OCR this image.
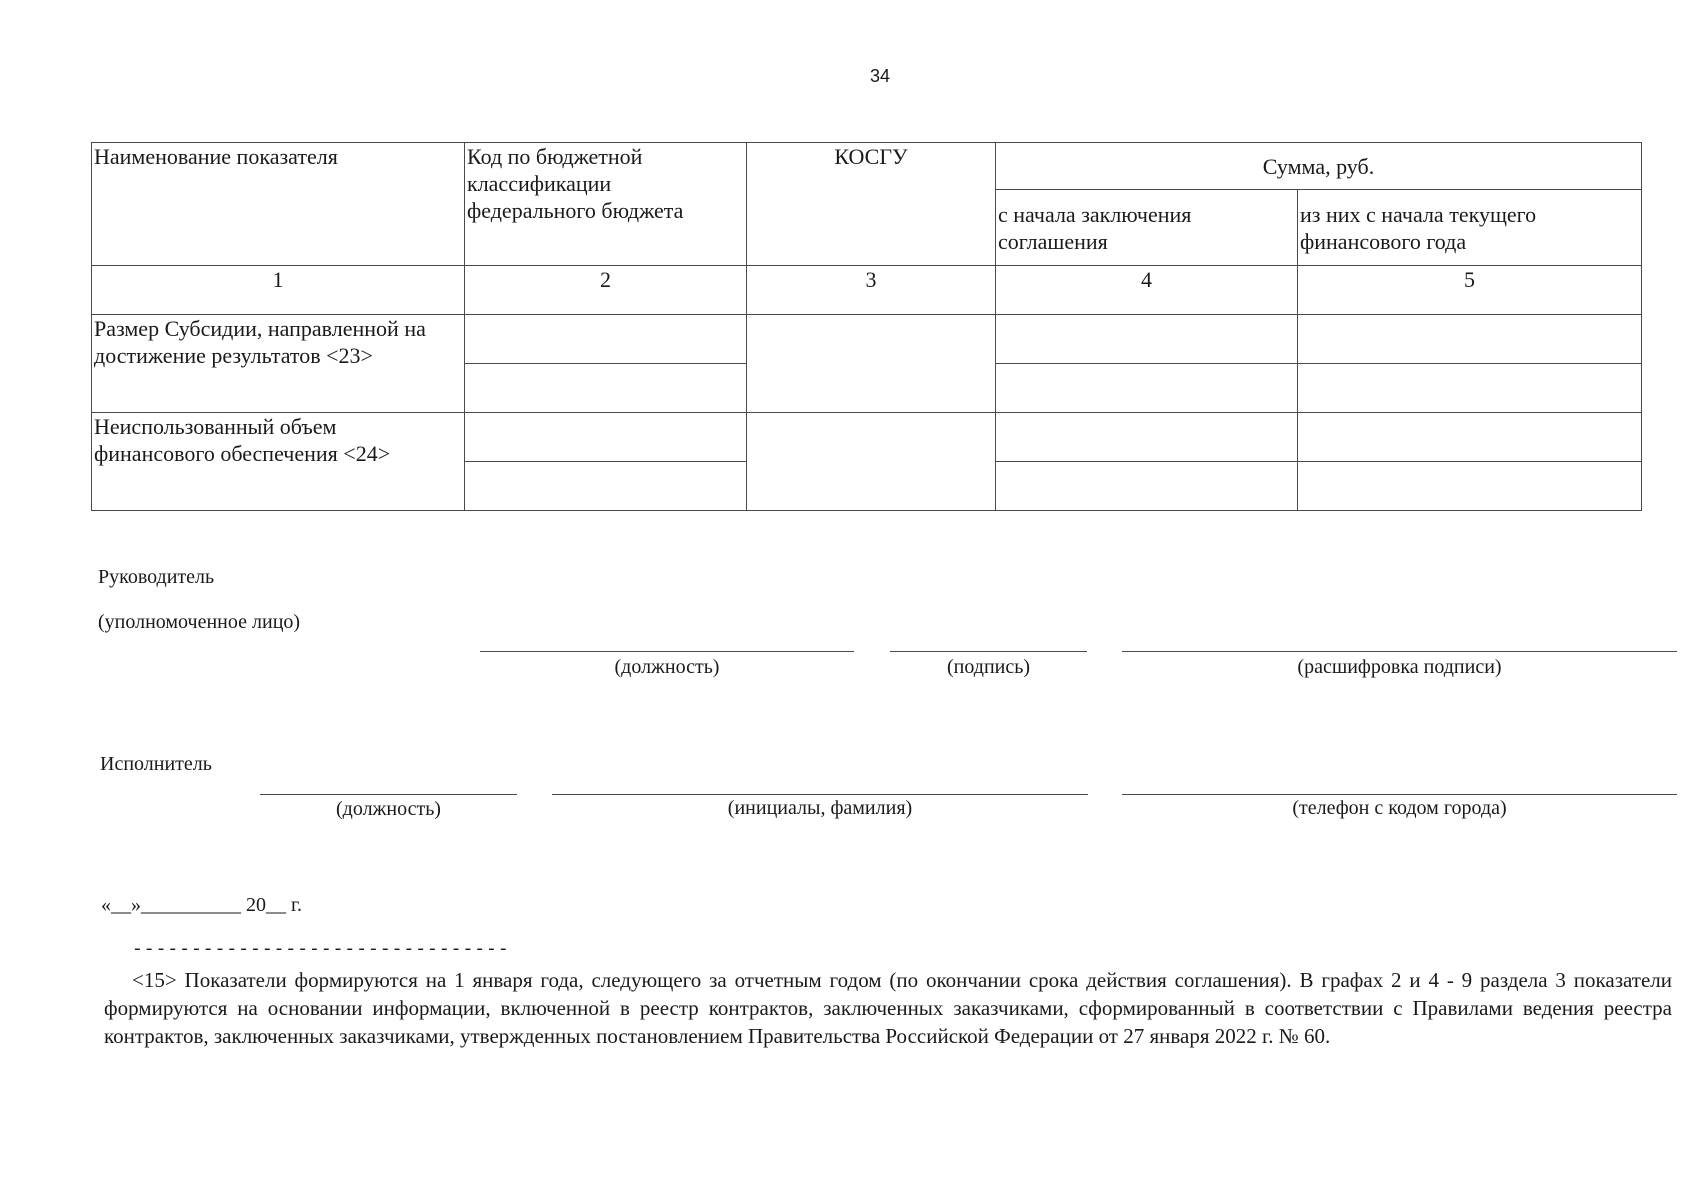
34
Наименование показателя	Код по бюджетной классификации федерального бюджета	КОСГУ	Сумма, руб.	
			с начала заключения соглашения	из них с начала текущего финансового года
1	2	3	4	5
Размер Субсидии, направленной на достижение результатов <23>				

Неиспользованный объем финансового обеспечения <24>				

Руководитель
(уполномоченное лицо)
(должность)	(подпись)	(расшифровка подписи)
Исполнитель
(должность)	(инициалы, фамилия)	(телефон с кодом города)
«__»__________ 20__ г.
--------------------------------
<15> Показатели формируются на 1 января года, следующего за отчетным годом (по окончании срока действия соглашения). В графах 2 и 4 - 9 раздела 3 показатели формируются на основании информации, включенной в реестр контрактов, заключенных заказчиками, сформированный в соответствии с Правилами ведения реестра контрактов, заключенных заказчиками, утвержденных постановлением Правительства Российской Федерации от 27 января 2022 г. № 60.
